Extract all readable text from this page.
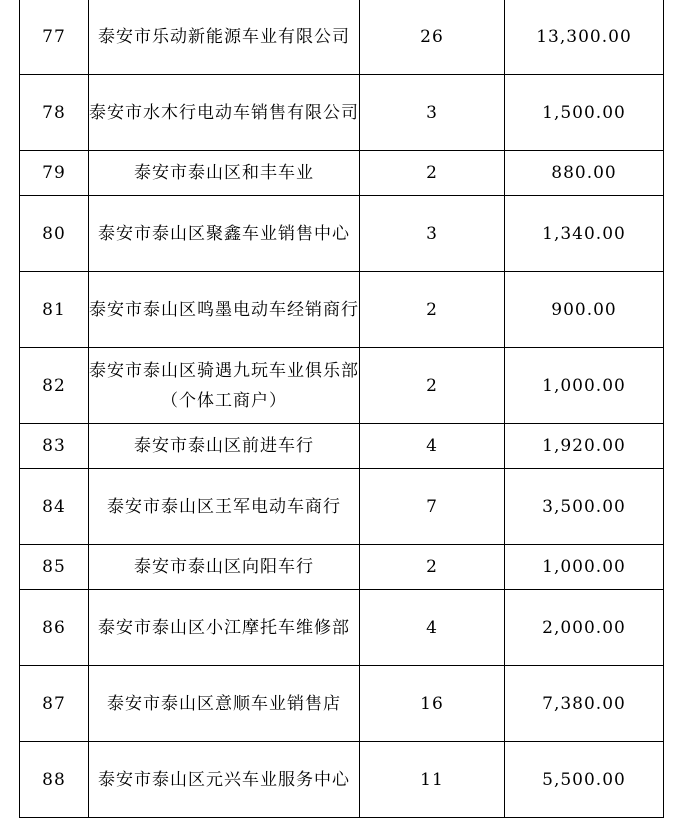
77	泰安市乐动新能源车业有限公司	26	13,300.00
78	泰安市水木行电动车销售有限公司	3	1,500.00
79	泰安市泰山区和丰车业	2	880.00
80	泰安市泰山区聚鑫车业销售中心	3	1,340.00
81	泰安市泰山区鸣墨电动车经销商行	2	900.00
82	泰安市泰山区骑遇九玩车业俱乐部（个体工商户）	2	1,000.00
83	泰安市泰山区前进车行	4	1,920.00
84	泰安市泰山区王军电动车商行	7	3,500.00
85	泰安市泰山区向阳车行	2	1,000.00
86	泰安市泰山区小江摩托车维修部	4	2,000.00
87	泰安市泰山区意顺车业销售店	16	7,380.00
88	泰安市泰山区元兴车业服务中心	11	5,500.00
